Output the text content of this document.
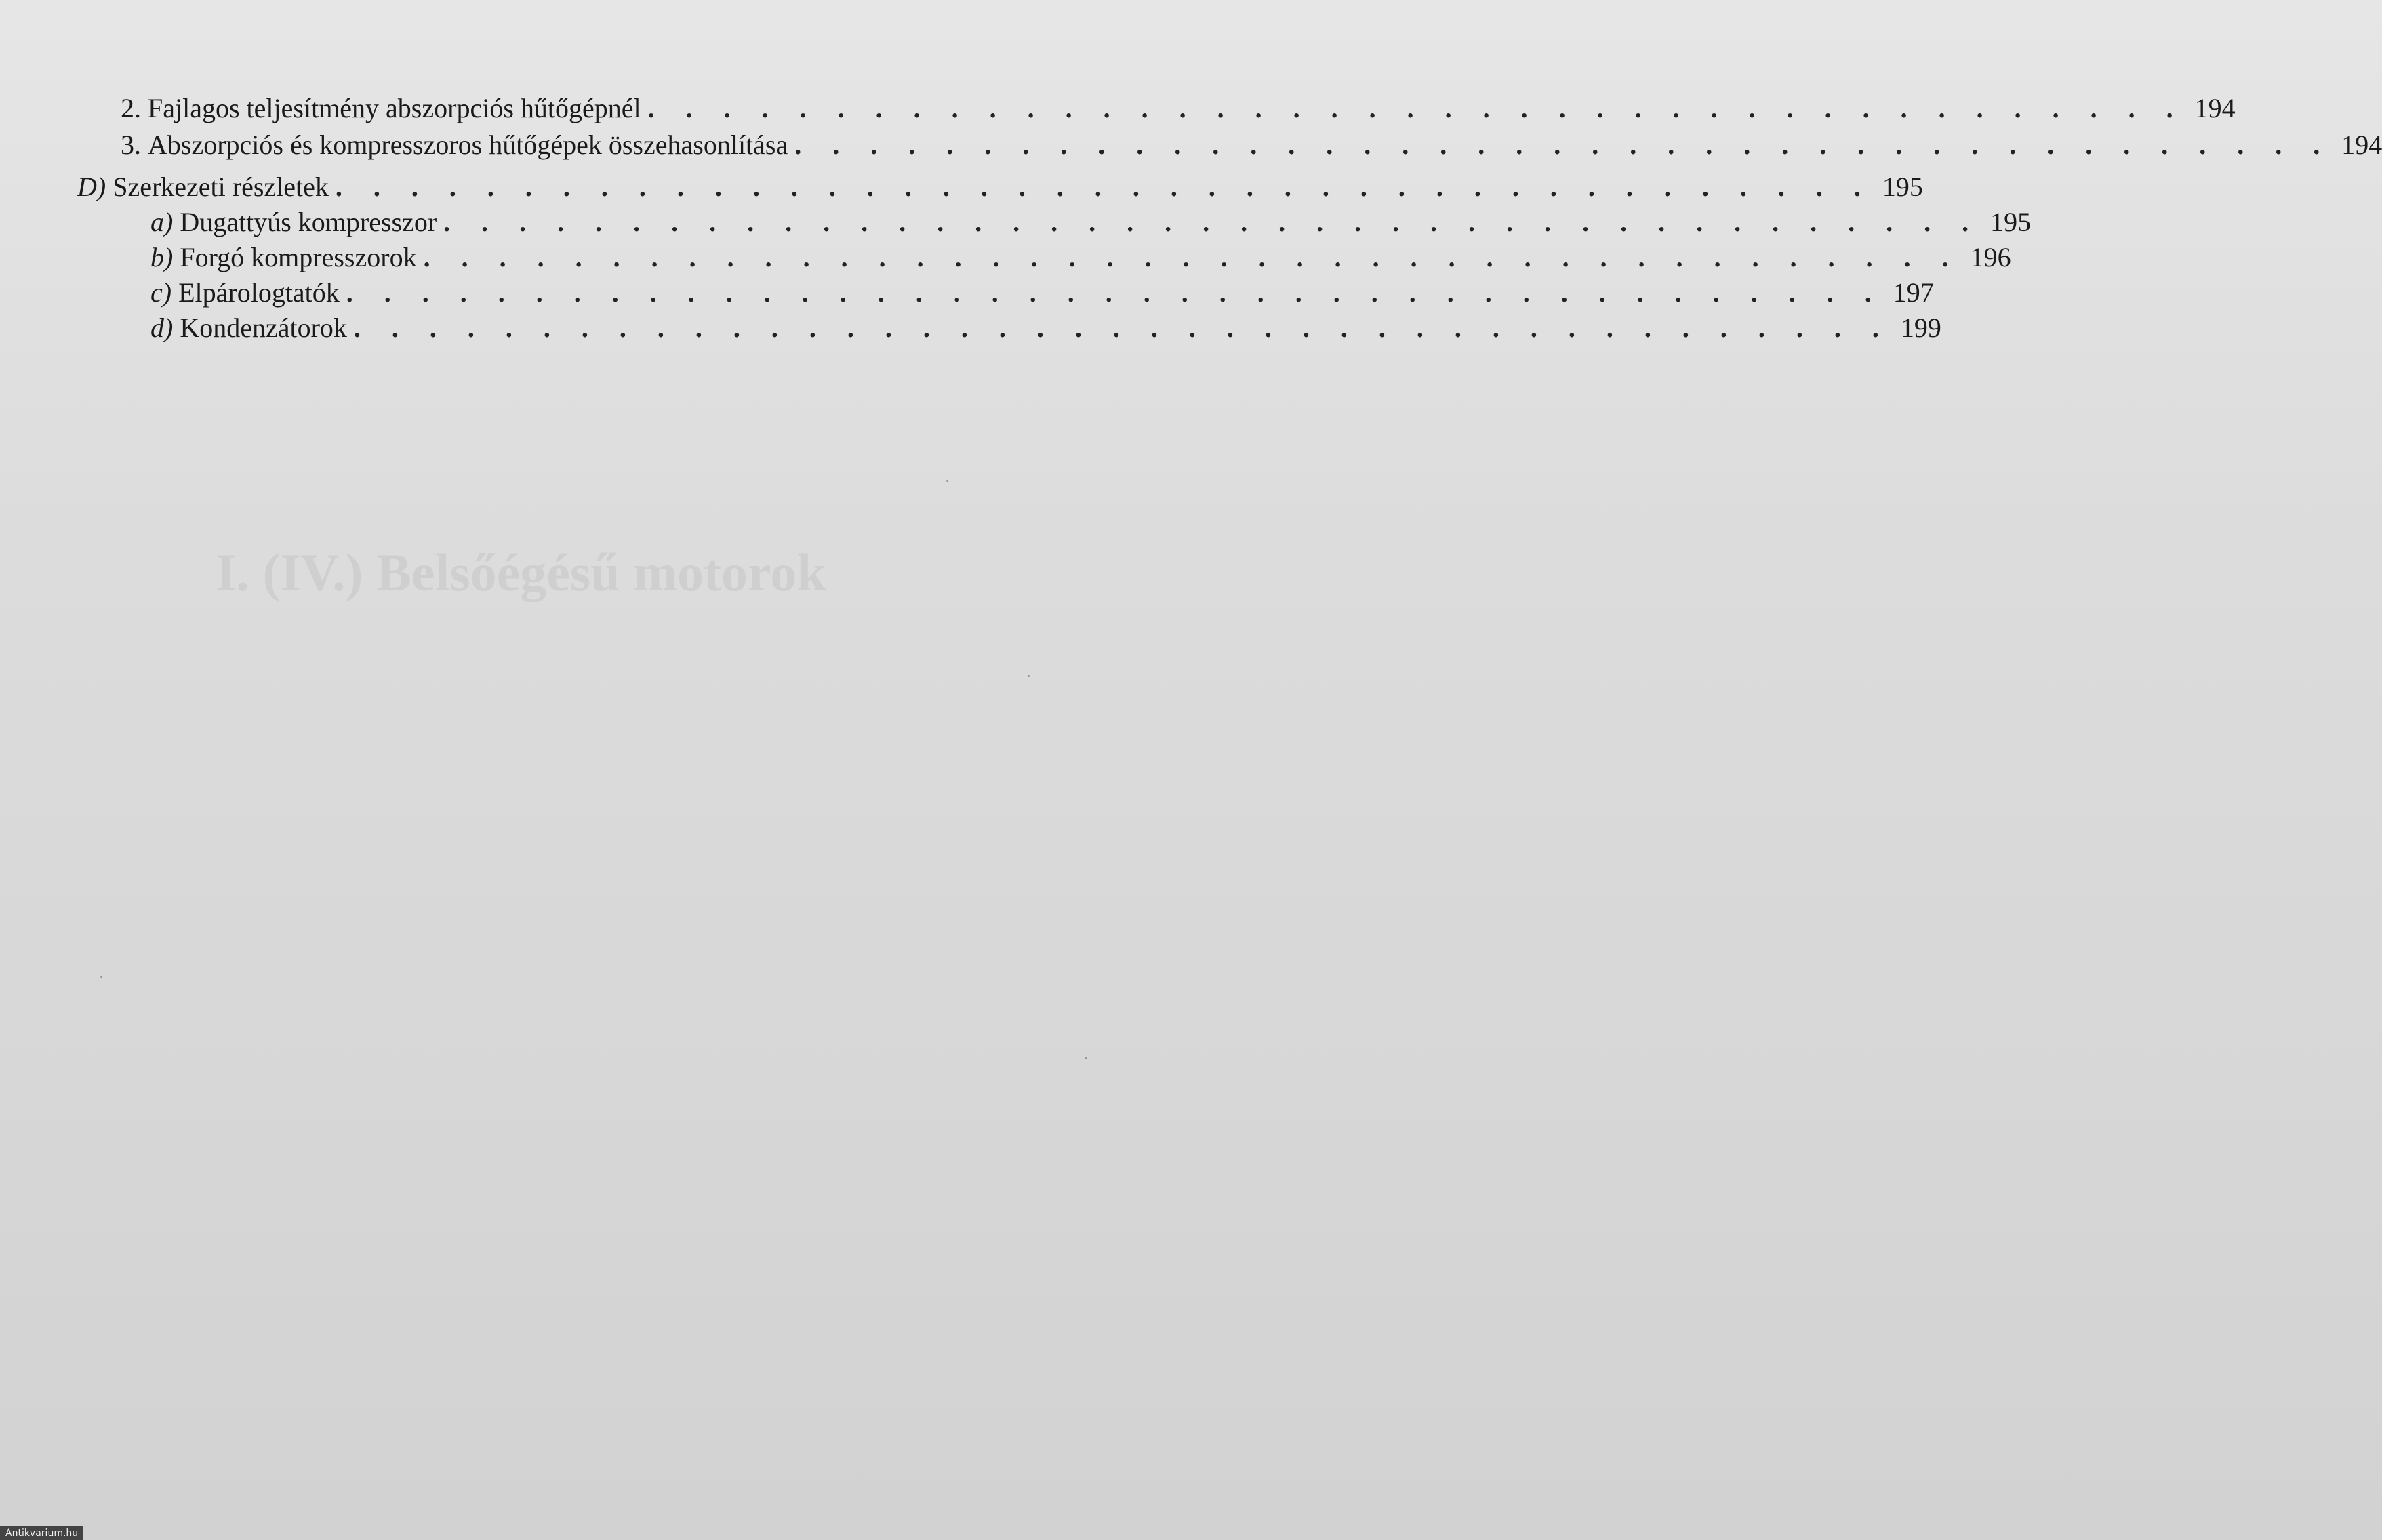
2. Fajlagos teljesítmény abszorpciós hűtőgépnél . . . . . . . . . . . . . . . . . . . . . . . . . . . . . . . . . . . . . . . . . 194
3. Abszorpciós és kompresszoros hűtőgépek összehasonlítása . . . . . . . . . . . . . . . . . . . . . . . . . . . . . . . . . . . . . . . . . 194
D) Szerkezeti részletek . . . . . . . . . . . . . . . . . . . . . . . . . . . . . . . . . . . . . . . . . 195
a) Dugattyús kompresszor . . . . . . . . . . . . . . . . . . . . . . . . . . . . . . . . . . . . . . . . . 195
b) Forgó kompresszorok . . . . . . . . . . . . . . . . . . . . . . . . . . . . . . . . . . . . . . . . . 196
c) Elpárologtatók . . . . . . . . . . . . . . . . . . . . . . . . . . . . . . . . . . . . . . . . . 197
d) Kondenzátorok . . . . . . . . . . . . . . . . . . . . . . . . . . . . . . . . . . . . . . . . . 199
I. (IV.) Belsőégésű motorok
Antikvarium.hu
